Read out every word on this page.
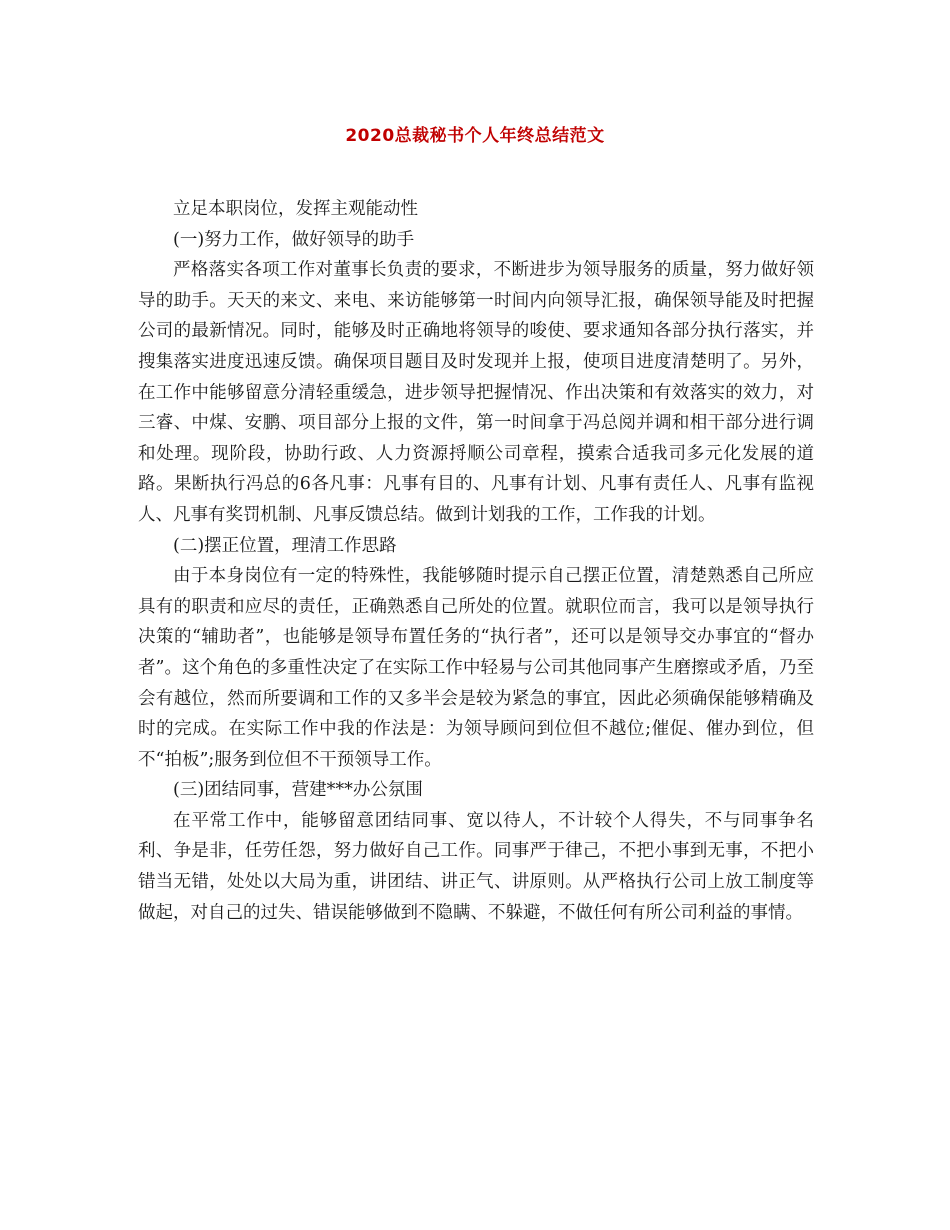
2020总裁秘书个人年终总结范文

立足本职岗位，发挥主观能动性

(一)努力工作，做好领导的助手

严格落实各项工作对董事长负责的要求，不断进步为领导服务的质量，努力做好领导的助手。天天的来文、来电、来访能够第一时间内向领导汇报，确保领导能及时把握公司的最新情况。同时，能够及时正确地将领导的唆使、要求通知各部分执行落实，并搜集落实进度迅速反馈。确保项目题目及时发现并上报，使项目进度清楚明了。另外，在工作中能够留意分清轻重缓急，进步领导把握情况、作出决策和有效落实的效力，对三睿、中煤、安鹏、项目部分上报的文件，第一时间拿于冯总阅并调和相干部分进行调和处理。现阶段，协助行政、人力资源捋顺公司章程，摸索合适我司多元化发展的道路。果断执行冯总的6各凡事：凡事有目的、凡事有计划、凡事有责任人、凡事有监视人、凡事有奖罚机制、凡事反馈总结。做到计划我的工作，工作我的计划。

(二)摆正位置，理清工作思路

由于本身岗位有一定的特殊性，我能够随时提示自己摆正位置，清楚熟悉自己所应具有的职责和应尽的责任，正确熟悉自己所处的位置。就职位而言，我可以是领导执行决策的“辅助者”，也能够是领导布置任务的“执行者”，还可以是领导交办事宜的“督办者”。这个角色的多重性决定了在实际工作中轻易与公司其他同事产生磨擦或矛盾，乃至会有越位，然而所要调和工作的又多半会是较为紧急的事宜，因此必须确保能够精确及时的完成。在实际工作中我的作法是：为领导顾问到位但不越位;催促、催办到位，但不“拍板”;服务到位但不干预领导工作。

(三)团结同事，营建***办公氛围

在平常工作中，能够留意团结同事、宽以待人，不计较个人得失，不与同事争名利、争是非，任劳任怨，努力做好自己工作。同事严于律己，不把小事到无事，不把小错当无错，处处以大局为重，讲团结、讲正气、讲原则。从严格执行公司上放工制度等做起，对自己的过失、错误能够做到不隐瞒、不躲避，不做任何有所公司利益的事情。
